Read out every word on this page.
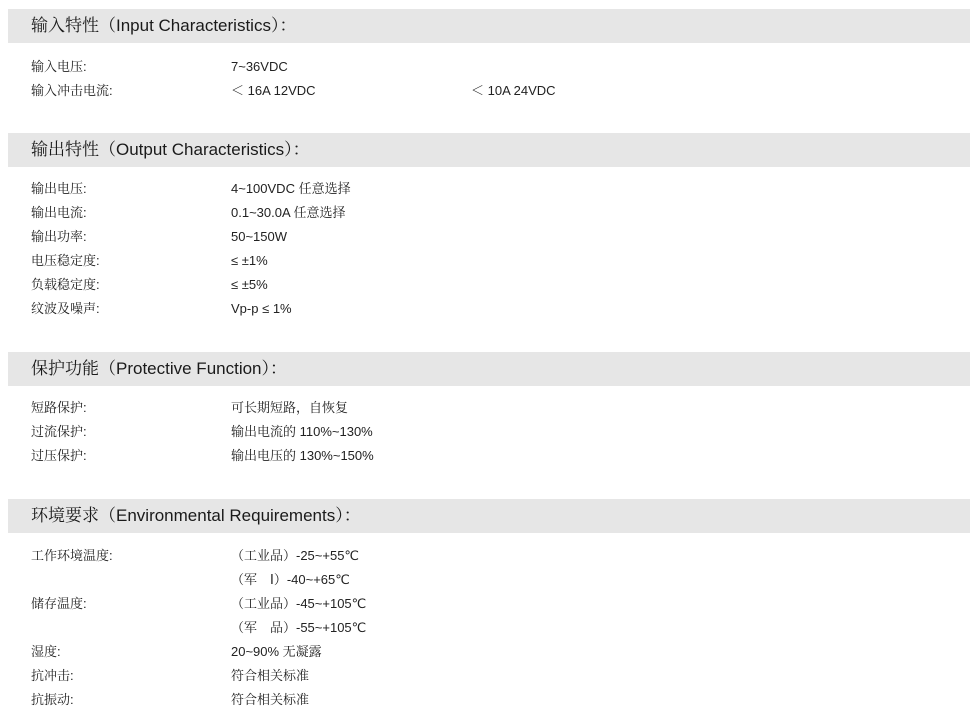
输入特性（Input Characteristics）：
输入电压:	7~36VDC
输入冲击电流:	＜ 16A 12VDC	＜ 10A 24VDC
输出特性（Output Characteristics）：
输出电压:	4~100VDC 任意选择
输出电流:	0.1~30.0A 任意选择
输出功率:	50~150W
电压稳定度:	≤ ±1%
负载稳定度:	≤ ±5%
纹波及噪声:	Vp-p ≤ 1%
保护功能（Protective Function）：
短路保护:	可长期短路，自恢复
过流保护:	输出电流的 110%~130%
过压保护:	输出电压的 130%~150%
环境要求（Environmental Requirements）：
工作环境温度:	（工业品）-25~+55℃
（军　Ⅰ）-40~+65℃
储存温度:	（工业品）-45~+105℃
（军　品）-55~+105℃
湿度:	20~90% 无凝露
抗冲击:	符合相关标准
抗振动:	符合相关标准
